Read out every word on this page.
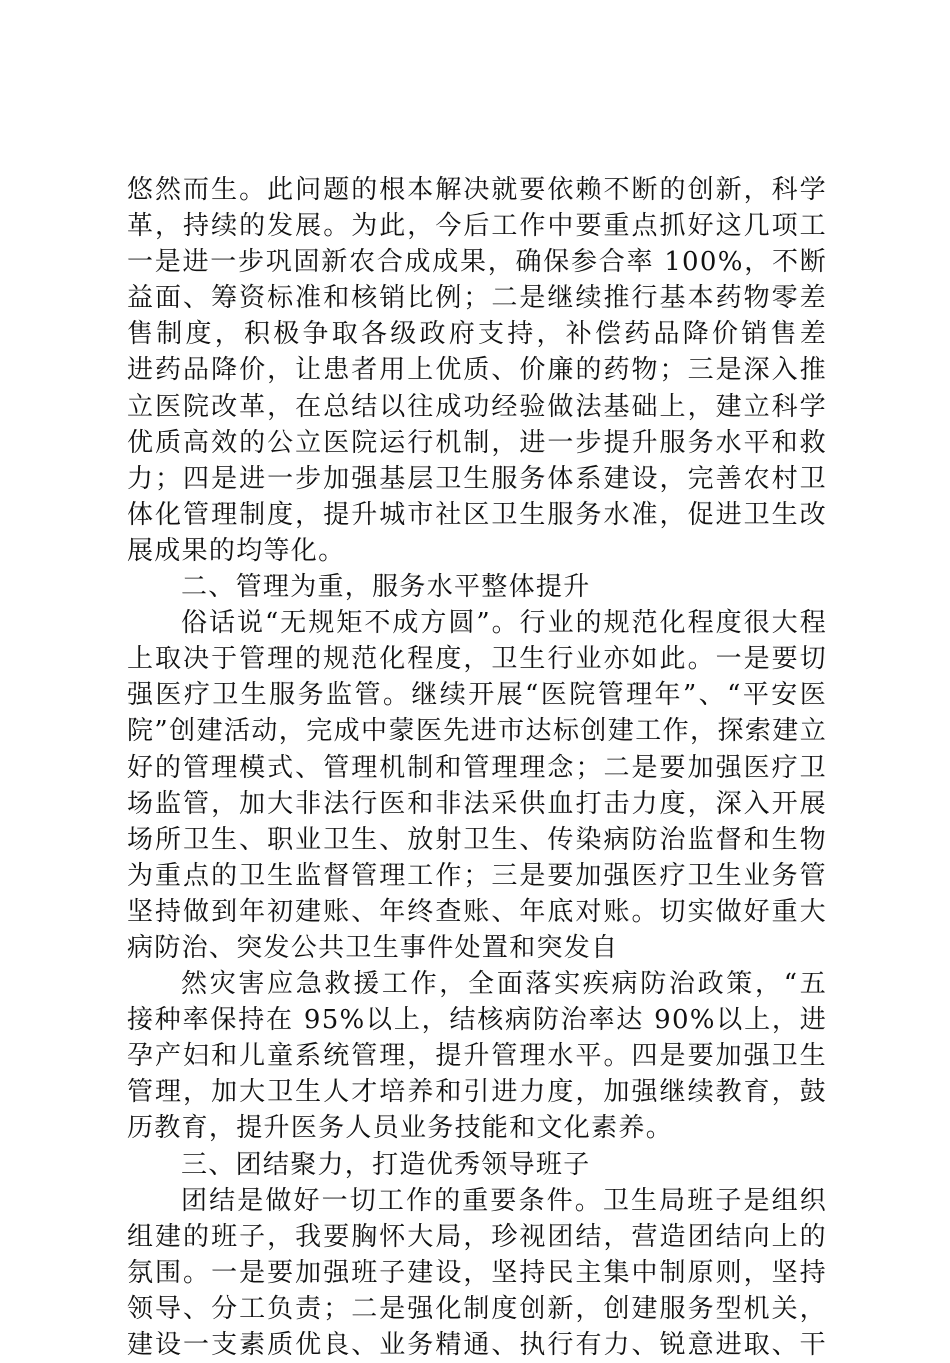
悠然而生。此问题的根本解决就要依赖不断的创新，科学
革，持续的发展。为此，今后工作中要重点抓好这几项工
一是进一步巩固新农合成成果，确保参合率 100%，不断
益面、筹资标准和核销比例；二是继续推行基本药物零差
售制度，积极争取各级政府支持，补偿药品降价销售差
进药品降价，让患者用上优质、价廉的药物；三是深入推
立医院改革，在总结以往成功经验做法基础上，建立科学
优质高效的公立医院运行机制，进一步提升服务水平和救
力；四是进一步加强基层卫生服务体系建设，完善农村卫
体化管理制度，提升城市社区卫生服务水准，促进卫生改
展成果的均等化。
二、管理为重，服务水平整体提升
俗话说“无规矩不成方圆”。行业的规范化程度很大程
上取决于管理的规范化程度，卫生行业亦如此。一是要切
强医疗卫生服务监管。继续开展“医院管理年”、“平安医
院”创建活动，完成中蒙医先进市达标创建工作，探索建立
好的管理模式、管理机制和管理理念；二是要加强医疗卫
场监管，加大非法行医和非法采供血打击力度，深入开展
场所卫生、职业卫生、放射卫生、传染病防治监督和生物
为重点的卫生监督管理工作；三是要加强医疗卫生业务管
坚持做到年初建账、年终查账、年底对账。切实做好重大
病防治、突发公共卫生事件处置和突发自
然灾害应急救援工作，全面落实疾病防治政策，“五
接种率保持在 95%以上，结核病防治率达 90%以上，进
孕产妇和儿童系统管理，提升管理水平。四是要加强卫生
管理，加大卫生人才培养和引进力度，加强继续教育，鼓
历教育，提升医务人员业务技能和文化素养。
三、团结聚力，打造优秀领导班子
团结是做好一切工作的重要条件。卫生局班子是组织
组建的班子，我要胸怀大局，珍视团结，营造团结向上的
氛围。一是要加强班子建设，坚持民主集中制原则，坚持
领导、分工负责；二是强化制度创新，创建服务型机关，
建设一支素质优良、业务精通、执行有力、锐意进取、干
